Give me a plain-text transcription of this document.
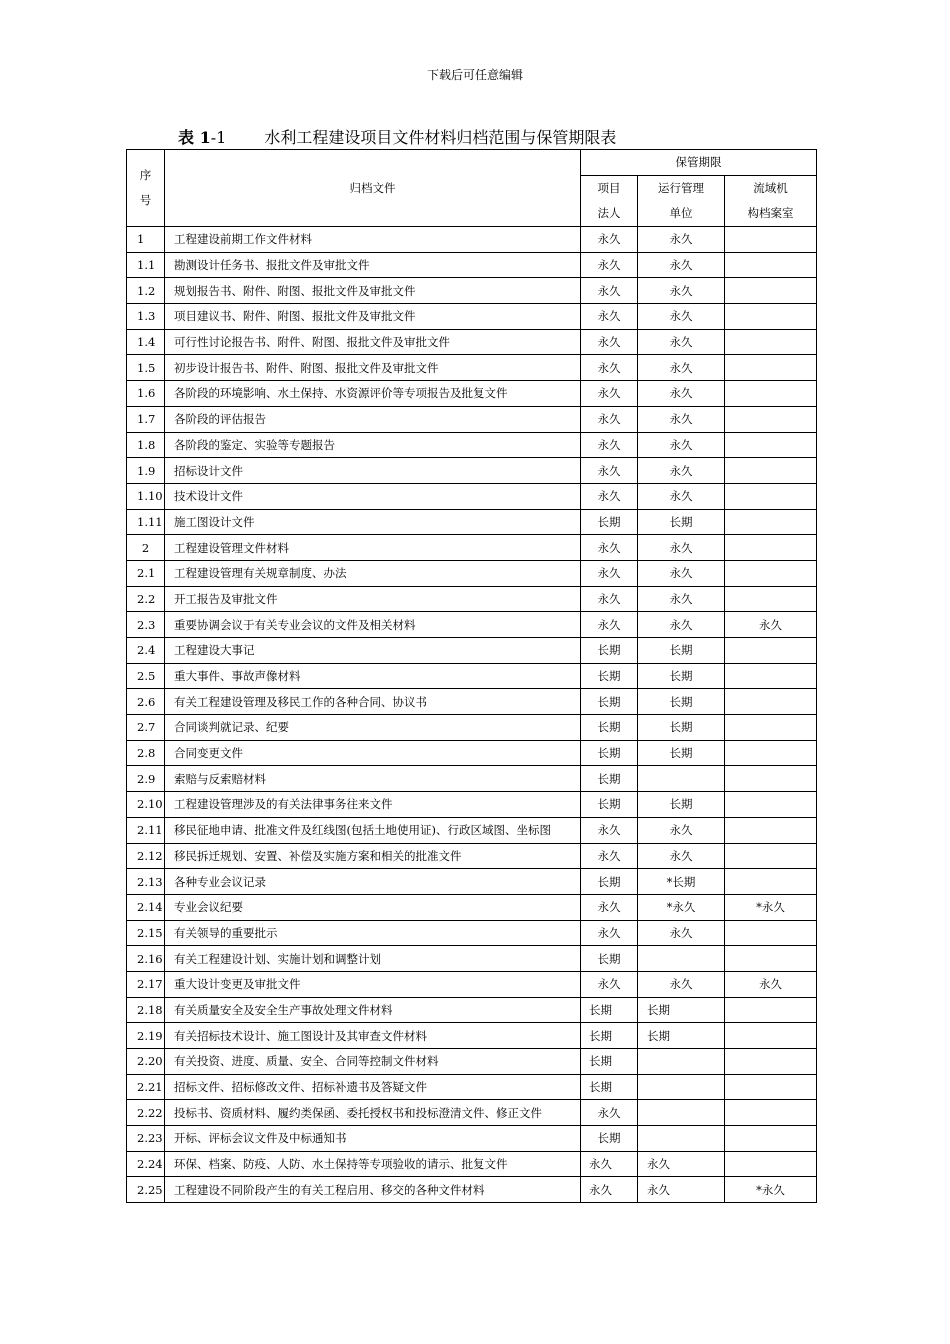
下载后可任意编辑
表 1-1 水利工程建设项目文件材料归档范围与保管期限表
序
号	归档文件	保管期限		
		项目	运行管理	流域机
		法人	单位	构档案室
1	工程建设前期工作文件材料	永久	永久	
1.1	勘测设计任务书、报批文件及审批文件	永久	永久	
1.2	规划报告书、附件、附图、报批文件及审批文件	永久	永久	
1.3	项目建议书、附件、附图、报批文件及审批文件	永久	永久	
1.4	可行性讨论报告书、附件、附图、报批文件及审批文件	永久	永久	
1.5	初步设计报告书、附件、附图、报批文件及审批文件	永久	永久	
1.6	各阶段的环境影响、水土保持、水资源评价等专项报告及批复文件	永久	永久	
1.7	各阶段的评估报告	永久	永久	
1.8	各阶段的鉴定、实验等专题报告	永久	永久	
1.9	招标设计文件	永久	永久	
1.10	技术设计文件	永久	永久	
1.11	施工图设计文件	长期	长期	
2	工程建设管理文件材料	永久	永久	
2.1	工程建设管理有关规章制度、办法	永久	永久	
2.2	开工报告及审批文件	永久	永久	
2.3	重要协调会议于有关专业会议的文件及相关材料	永久	永久	永久
2.4	工程建设大事记	长期	长期	
2.5	重大事件、事故声像材料	长期	长期	
2.6	有关工程建设管理及移民工作的各种合同、协议书	长期	长期	
2.7	合同谈判就记录、纪要	长期	长期	
2.8	合同变更文件	长期	长期	
2.9	索赔与反索赔材料	长期		
2.10	工程建设管理涉及的有关法律事务往来文件	长期	长期	
2.11	移民征地申请、批准文件及红线图(包括土地使用证)、行政区域图、坐标图	永久	永久	
2.12	移民拆迁规划、安置、补偿及实施方案和相关的批准文件	永久	永久	
2.13	各种专业会议记录	长期	*长期	
2.14	专业会议纪要	永久	*永久	*永久
2.15	有关领导的重要批示	永久	永久	
2.16	有关工程建设计划、实施计划和调整计划	长期		
2.17	重大设计变更及审批文件	永久	永久	永久
2.18	有关质量安全及安全生产事故处理文件材料	长期	长期	
2.19	有关招标技术设计、施工图设计及其审查文件材料	长期	长期	
2.20	有关投资、进度、质量、安全、合同等控制文件材料	长期		
2.21	招标文件、招标修改文件、招标补遗书及答疑文件	长期		
2.22	投标书、资质材料、履约类保函、委托授权书和投标澄清文件、修正文件	永久		
2.23	开标、评标会议文件及中标通知书	长期		
2.24	环保、档案、防疫、人防、水土保持等专项验收的请示、批复文件	永久	永久	
2.25	工程建设不同阶段产生的有关工程启用、移交的各种文件材料	永久	永久	*永久
